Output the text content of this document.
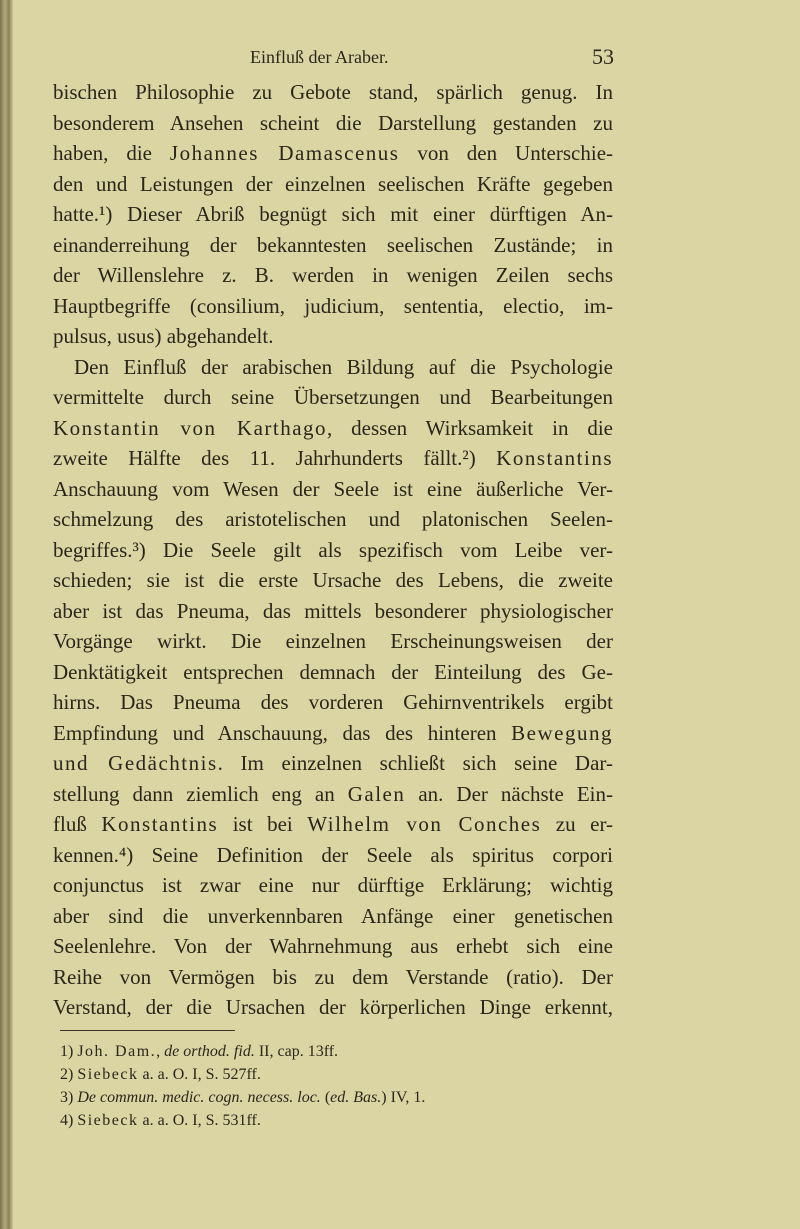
Einfluß der Araber.	53
bischen Philosophie zu Gebote stand, spärlich genug. In
besonderem Ansehen scheint die Darstellung gestanden zu
haben, die Johannes Damascenus von den Unterschie-
den und Leistungen der einzelnen seelischen Kräfte gegeben
hatte.¹) Dieser Abriß begnügt sich mit einer dürftigen An-
einanderreihung der bekanntesten seelischen Zustände; in
der Willenslehre z. B. werden in wenigen Zeilen sechs
Hauptbegriffe (consilium, judicium, sententia, electio, im-
pulsus, usus) abgehandelt.
 Den Einfluß der arabischen Bildung auf die Psychologie
vermittelte durch seine Übersetzungen und Bearbeitungen
Konstantin von Karthago, dessen Wirksamkeit in die
zweite Hälfte des 11. Jahrhunderts fällt.²) Konstantins
Anschauung vom Wesen der Seele ist eine äußerliche Ver-
schmelzung des aristotelischen und platonischen Seelen-
begriffes.³) Die Seele gilt als spezifisch vom Leibe ver-
schieden; sie ist die erste Ursache des Lebens, die zweite
aber ist das Pneuma, das mittels besonderer physiologischer
Vorgänge wirkt. Die einzelnen Erscheinungsweisen der
Denktätigkeit entsprechen demnach der Einteilung des Ge-
hirns. Das Pneuma des vorderen Gehirnventrikels ergibt
Empfindung und Anschauung, das des hinteren Bewegung
und Gedächtnis. Im einzelnen schließt sich seine Dar-
stellung dann ziemlich eng an Galen an. Der nächste Ein-
fluß Konstantins ist bei Wilhelm von Conches zu er-
kennen.⁴) Seine Definition der Seele als spiritus corpori
conjunctus ist zwar eine nur dürftige Erklärung; wichtig
aber sind die unverkennbaren Anfänge einer genetischen
Seelenlehre. Von der Wahrnehmung aus erhebt sich eine
Reihe von Vermögen bis zu dem Verstande (ratio). Der
Verstand, der die Ursachen der körperlichen Dinge erkennt,
1) Joh. Dam., de orthod. fid. II, cap. 13ff.
2) Siebeck a. a. O. I, S. 527ff.
3) De commun. medic. cogn. necess. loc. (ed. Bas.) IV, 1.
4) Siebeck a. a. O. I, S. 531ff.
